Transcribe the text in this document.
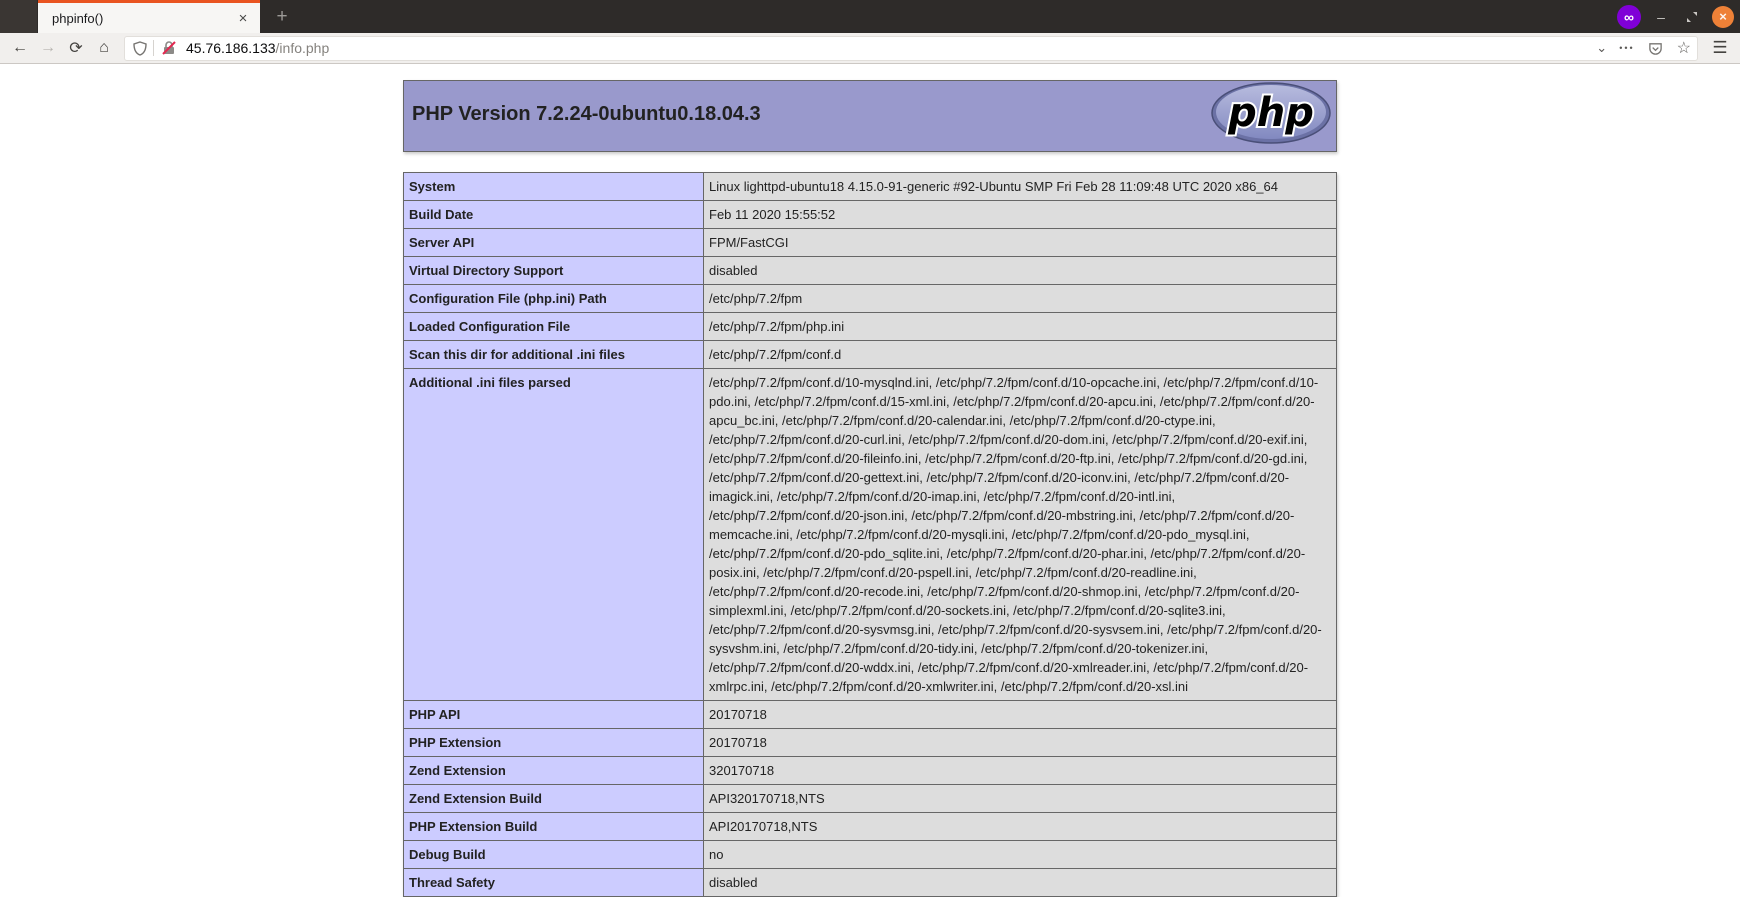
phpinfo()	×	+	∞	–	×
← → ⟳	⌂	45.76.186.133/info.php	⌄ •••	☆	☰
PHP Version 7.2.24-0ubuntu0.18.04.3	php
System	Linux lighttpd-ubuntu18 4.15.0-91-generic #92-Ubuntu SMP Fri Feb 28 11:09:48 UTC 2020 x86_64
Build Date	Feb 11 2020 15:55:52
Server API	FPM/FastCGI
Virtual Directory Support	disabled
Configuration File (php.ini) Path	/etc/php/7.2/fpm
Loaded Configuration File	/etc/php/7.2/fpm/php.ini
Scan this dir for additional .ini files	/etc/php/7.2/fpm/conf.d
Additional .ini files parsed	/etc/php/7.2/fpm/conf.d/10-mysqlnd.ini, /etc/php/7.2/fpm/conf.d/10-opcache.ini, /etc/php/7.2/fpm/conf.d/10-pdo.ini, /etc/php/7.2/fpm/conf.d/15-xml.ini, /etc/php/7.2/fpm/conf.d/20-apcu.ini, /etc/php/7.2/fpm/conf.d/20-apcu_bc.ini, /etc/php/7.2/fpm/conf.d/20-calendar.ini, /etc/php/7.2/fpm/conf.d/20-ctype.ini, /etc/php/7.2/fpm/conf.d/20-curl.ini, /etc/php/7.2/fpm/conf.d/20-dom.ini, /etc/php/7.2/fpm/conf.d/20-exif.ini, /etc/php/7.2/fpm/conf.d/20-fileinfo.ini, /etc/php/7.2/fpm/conf.d/20-ftp.ini, /etc/php/7.2/fpm/conf.d/20-gd.ini, /etc/php/7.2/fpm/conf.d/20-gettext.ini, /etc/php/7.2/fpm/conf.d/20-iconv.ini, /etc/php/7.2/fpm/conf.d/20-imagick.ini, /etc/php/7.2/fpm/conf.d/20-imap.ini, /etc/php/7.2/fpm/conf.d/20-intl.ini, /etc/php/7.2/fpm/conf.d/20-json.ini, /etc/php/7.2/fpm/conf.d/20-mbstring.ini, /etc/php/7.2/fpm/conf.d/20-memcache.ini, /etc/php/7.2/fpm/conf.d/20-mysqli.ini, /etc/php/7.2/fpm/conf.d/20-pdo_mysql.ini, /etc/php/7.2/fpm/conf.d/20-pdo_sqlite.ini, /etc/php/7.2/fpm/conf.d/20-phar.ini, /etc/php/7.2/fpm/conf.d/20-posix.ini, /etc/php/7.2/fpm/conf.d/20-pspell.ini, /etc/php/7.2/fpm/conf.d/20-readline.ini, /etc/php/7.2/fpm/conf.d/20-recode.ini, /etc/php/7.2/fpm/conf.d/20-shmop.ini, /etc/php/7.2/fpm/conf.d/20-simplexml.ini, /etc/php/7.2/fpm/conf.d/20-sockets.ini, /etc/php/7.2/fpm/conf.d/20-sqlite3.ini, /etc/php/7.2/fpm/conf.d/20-sysvmsg.ini, /etc/php/7.2/fpm/conf.d/20-sysvsem.ini, /etc/php/7.2/fpm/conf.d/20-sysvshm.ini, /etc/php/7.2/fpm/conf.d/20-tidy.ini, /etc/php/7.2/fpm/conf.d/20-tokenizer.ini, /etc/php/7.2/fpm/conf.d/20-wddx.ini, /etc/php/7.2/fpm/conf.d/20-xmlreader.ini, /etc/php/7.2/fpm/conf.d/20-xmlrpc.ini, /etc/php/7.2/fpm/conf.d/20-xmlwriter.ini, /etc/php/7.2/fpm/conf.d/20-xsl.ini
PHP API	20170718
PHP Extension	20170718
Zend Extension	320170718
Zend Extension Build	API320170718,NTS
PHP Extension Build	API20170718,NTS
Debug Build	no
Thread Safety	disabled
